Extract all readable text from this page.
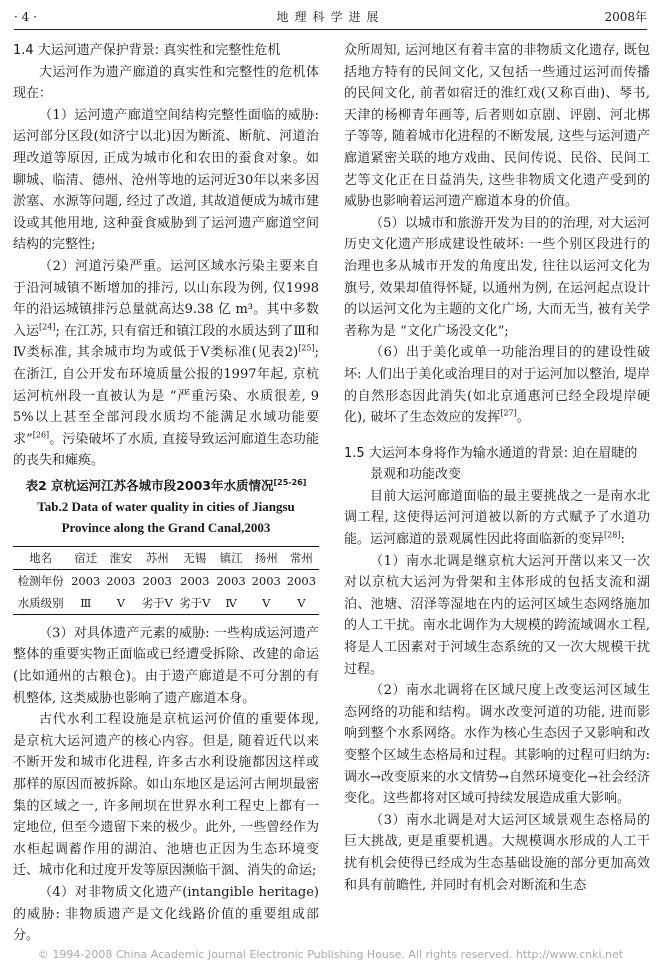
· 4 ·	地理科学进展	2008年

1.4 大运河遗产保护背景: 真实性和完整性危机

大运河作为遗产廊道的真实性和完整性的危机体现在：

（1）运河遗产廊道空间结构完整性面临的威胁: 运河部分区段(如济宁以北)因为断流、断航、河道治理改道等原因, 正成为城市化和农田的蚕食对象。如聊城、临清、德州、沧州等地的运河近30年以来多因淤塞、水源等问题, 经过了改道, 其故道便成为城市建设或其他用地, 这种蚕食威胁到了运河遗产廊道空间结构的完整性;

（2）河道污染严重。运河区域水污染主要来自于沿河城镇不断增加的排污, 以山东段为例, 仅1998年的沿运城镇排污总量就高达9.38 亿 m³。其中多数入运[24]; 在江苏, 只有宿迁和镇江段的水质达到了Ⅲ和Ⅳ类标准, 其余城市均为或低于Ⅴ类标准(见表2)[25]; 在浙江, 自公开发布环境质量公报的1997年起, 京杭运河杭州段一直被认为是 “严重污染、水质很差, 95%以上甚至全部河段水质均不能满足水域功能要求”[26]。污染破坏了水质, 直接导致运河廊道生态功能的丧失和瘫痪。

表2 京杭运河江苏各城市段2003年水质情况[25-26]
Tab.2 Data of water quality in cities of Jiangsu
Province along the Grand Canal,2003
地名	宿迁	淮安	苏州	无锡	镇江	扬州	常州
检测年份	2003	2003	2003	2003	2003	2003	2003
水质级别	Ⅲ	Ⅴ	劣于Ⅴ	劣于Ⅴ	Ⅳ	Ⅴ	Ⅴ

（3）对具体遗产元素的威胁: 一些构成运河遗产整体的重要实物正面临或已经遭受拆除、改建的命运(比如通州的古粮仓)。由于遗产廊道是不可分割的有机整体, 这类威胁也影响了遗产廊道本身。

古代水利工程设施是京杭运河价值的重要体现, 是京杭大运河遗产的核心内容。但是, 随着近代以来不断开发和城市化进程, 许多古水利设施都因这样或那样的原因而被拆除。如山东地区是运河古闸坝最密集的区域之一, 许多闸坝在世界水利工程史上都有一定地位, 但至今遗留下来的极少。此外, 一些曾经作为水柜起调蓄作用的湖泊、池塘也正因为生态环境变迁、城市化和过度开发等原因濒临干涸、消失的命运;

（4）对非物质文化遗产(intangible heritage)的威胁: 非物质遗产是文化线路价值的重要组成部分。

众所周知, 运河地区有着丰富的非物质文化遗存, 既包括地方特有的民间文化, 又包括一些通过运河而传播的民间文化, 前者如宿迁的淮红戏(又称百曲)、琴书, 天津的杨柳青年画等, 后者则如京剧、评剧、河北梆子等等, 随着城市化进程的不断发展, 这些与运河遗产廊道紧密关联的地方戏曲、民间传说、民俗、民间工艺等文化正在日益消失, 这些非物质文化遗产受到的威胁也影响着运河遗产廊道本身的价值。

（5）以城市和旅游开发为目的的治理, 对大运河历史文化遗产形成建设性破坏: 一些个别区段进行的治理也多从城市开发的角度出发, 往往以运河文化为旗号, 效果却值得怀疑, 以通州为例, 在运河起点设计的以运河文化为主题的文化广场, 大而无当, 被有关学者称为是 “文化广场没文化”;

（6）出于美化或单一功能治理目的的建设性破坏: 人们出于美化或治理目的对于运河加以整治, 堤岸的自然形态因此消失(如北京通惠河已经全段堤岸硬化), 破坏了生态效应的发挥[27]。

1.5 大运河本身将作为输水通道的背景: 迫在眉睫的景观和功能改变

目前大运河廊道面临的最主要挑战之一是南水北调工程, 这使得运河河道被以新的方式赋予了水道功能。运河廊道的景观属性因此将面临新的变异[28]:

（1）南水北调是继京杭大运河开凿以来又一次对以京杭大运河为骨架和主体形成的包括支流和湖泊、池塘、沼泽等湿地在内的运河区域生态网络施加的人工干扰。南水北调作为大规模的跨流域调水工程, 将是人工因素对于河域生态系统的又一次大规模干扰过程。

（2）南水北调将在区域尺度上改变运河区域生态网络的功能和结构。调水改变河道的功能, 进而影响到整个水系网络。水作为核心生态因子又影响和改变整个区域生态格局和过程。其影响的过程可归纳为: 调水→改变原来的水文情势→自然环境变化→社会经济变化。这些都将对区域可持续发展造成重大影响。

（3）南水北调是对大运河区域景观生态格局的巨大挑战, 更是重要机遇。大规模调水形成的人工干扰有机会使得已经成为生态基础设施的部分更加高效和具有前瞻性, 并同时有机会对断流和生态

© 1994-2008 China Academic Journal Electronic Publishing House. All rights reserved. http://www.cnki.net
